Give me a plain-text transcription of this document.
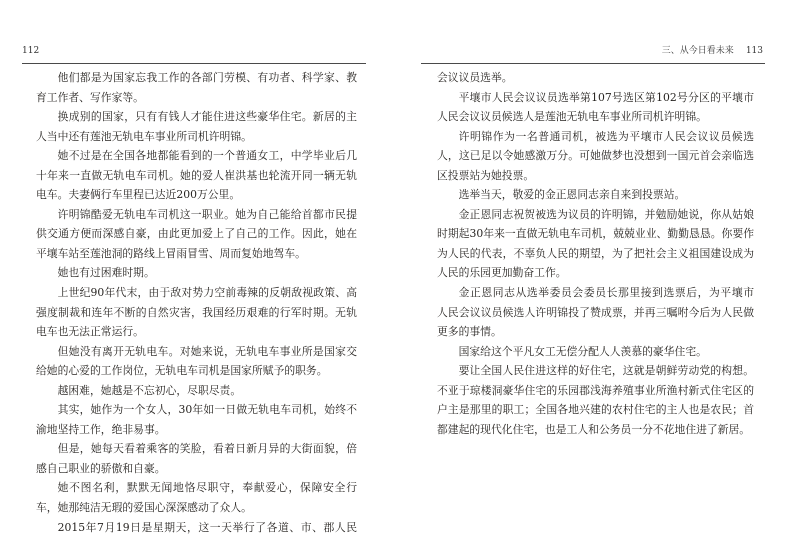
112
他们都是为国家忘我工作的各部门劳模、有功者、科学家、教
育工作者、写作家等。
换成别的国家，只有有钱人才能住进这些豪华住宅。新居的主
人当中还有莲池无轨电车事业所司机许明锦。
她不过是在全国各地都能看到的一个普通女工，中学毕业后几
十年来一直做无轨电车司机。她的爱人崔洪基也轮流开同一辆无轨
电车。夫妻俩行车里程已达近200万公里。
许明锦酷爱无轨电车司机这一职业。她为自己能给首都市民提
供交通方便而深感自豪，由此更加爱上了自己的工作。因此，她在
平壤车站至莲池洞的路线上冒雨冒雪、周而复始地驾车。
她也有过困难时期。
上世纪90年代末，由于敌对势力空前毒辣的反朝敌视政策、高
强度制裁和连年不断的自然灾害，我国经历艰难的行军时期。无轨
电车也无法正常运行。
但她没有离开无轨电车。对她来说，无轨电车事业所是国家交
给她的心爱的工作岗位，无轨电车司机是国家所赋予的职务。
越困难，她越是不忘初心，尽职尽责。
其实，她作为一个女人，30年如一日做无轨电车司机，始终不
渝地坚持工作，绝非易事。
但是，她每天看着乘客的笑脸，看着日新月异的大街面貌，倍
感自己职业的骄傲和自豪。
她不图名利，默默无闻地恪尽职守，奉献爱心，保障安全行
车，她那纯洁无瑕的爱国心深深感动了众人。
2015年7月19日是星期天，这一天举行了各道、市、郡人民
三、从今日看未来 113
会议议员选举。
平壤市人民会议议员选举第107号选区第102号分区的平壤市
人民会议议员候选人是莲池无轨电车事业所司机许明锦。
许明锦作为一名普通司机，被选为平壤市人民会议议员候选
人，这已足以令她感激万分。可她做梦也没想到一国元首会亲临选
区投票站为她投票。
选举当天，敬爱的金正恩同志亲自来到投票站。
金正恩同志祝贺被选为议员的许明锦，并勉励她说，你从姑娘
时期起30年来一直做无轨电车司机，兢兢业业、勤勤恳恳。你要作
为人民的代表，不辜负人民的期望，为了把社会主义祖国建设成为
人民的乐园更加勤奋工作。
金正恩同志从选举委员会委员长那里接到选票后，为平壤市
人民会议议员候选人许明锦投了赞成票，并再三嘱咐今后为人民做
更多的事情。
国家给这个平凡女工无偿分配人人羡慕的豪华住宅。
要让全国人民住进这样的好住宅，这就是朝鲜劳动党的构想。
不亚于琼楼洞豪华住宅的乐园郡浅海养殖事业所渔村新式住宅区的
户主是那里的职工；全国各地兴建的农村住宅的主人也是农民；首
都建起的现代化住宅，也是工人和公务员一分不花地住进了新居。
